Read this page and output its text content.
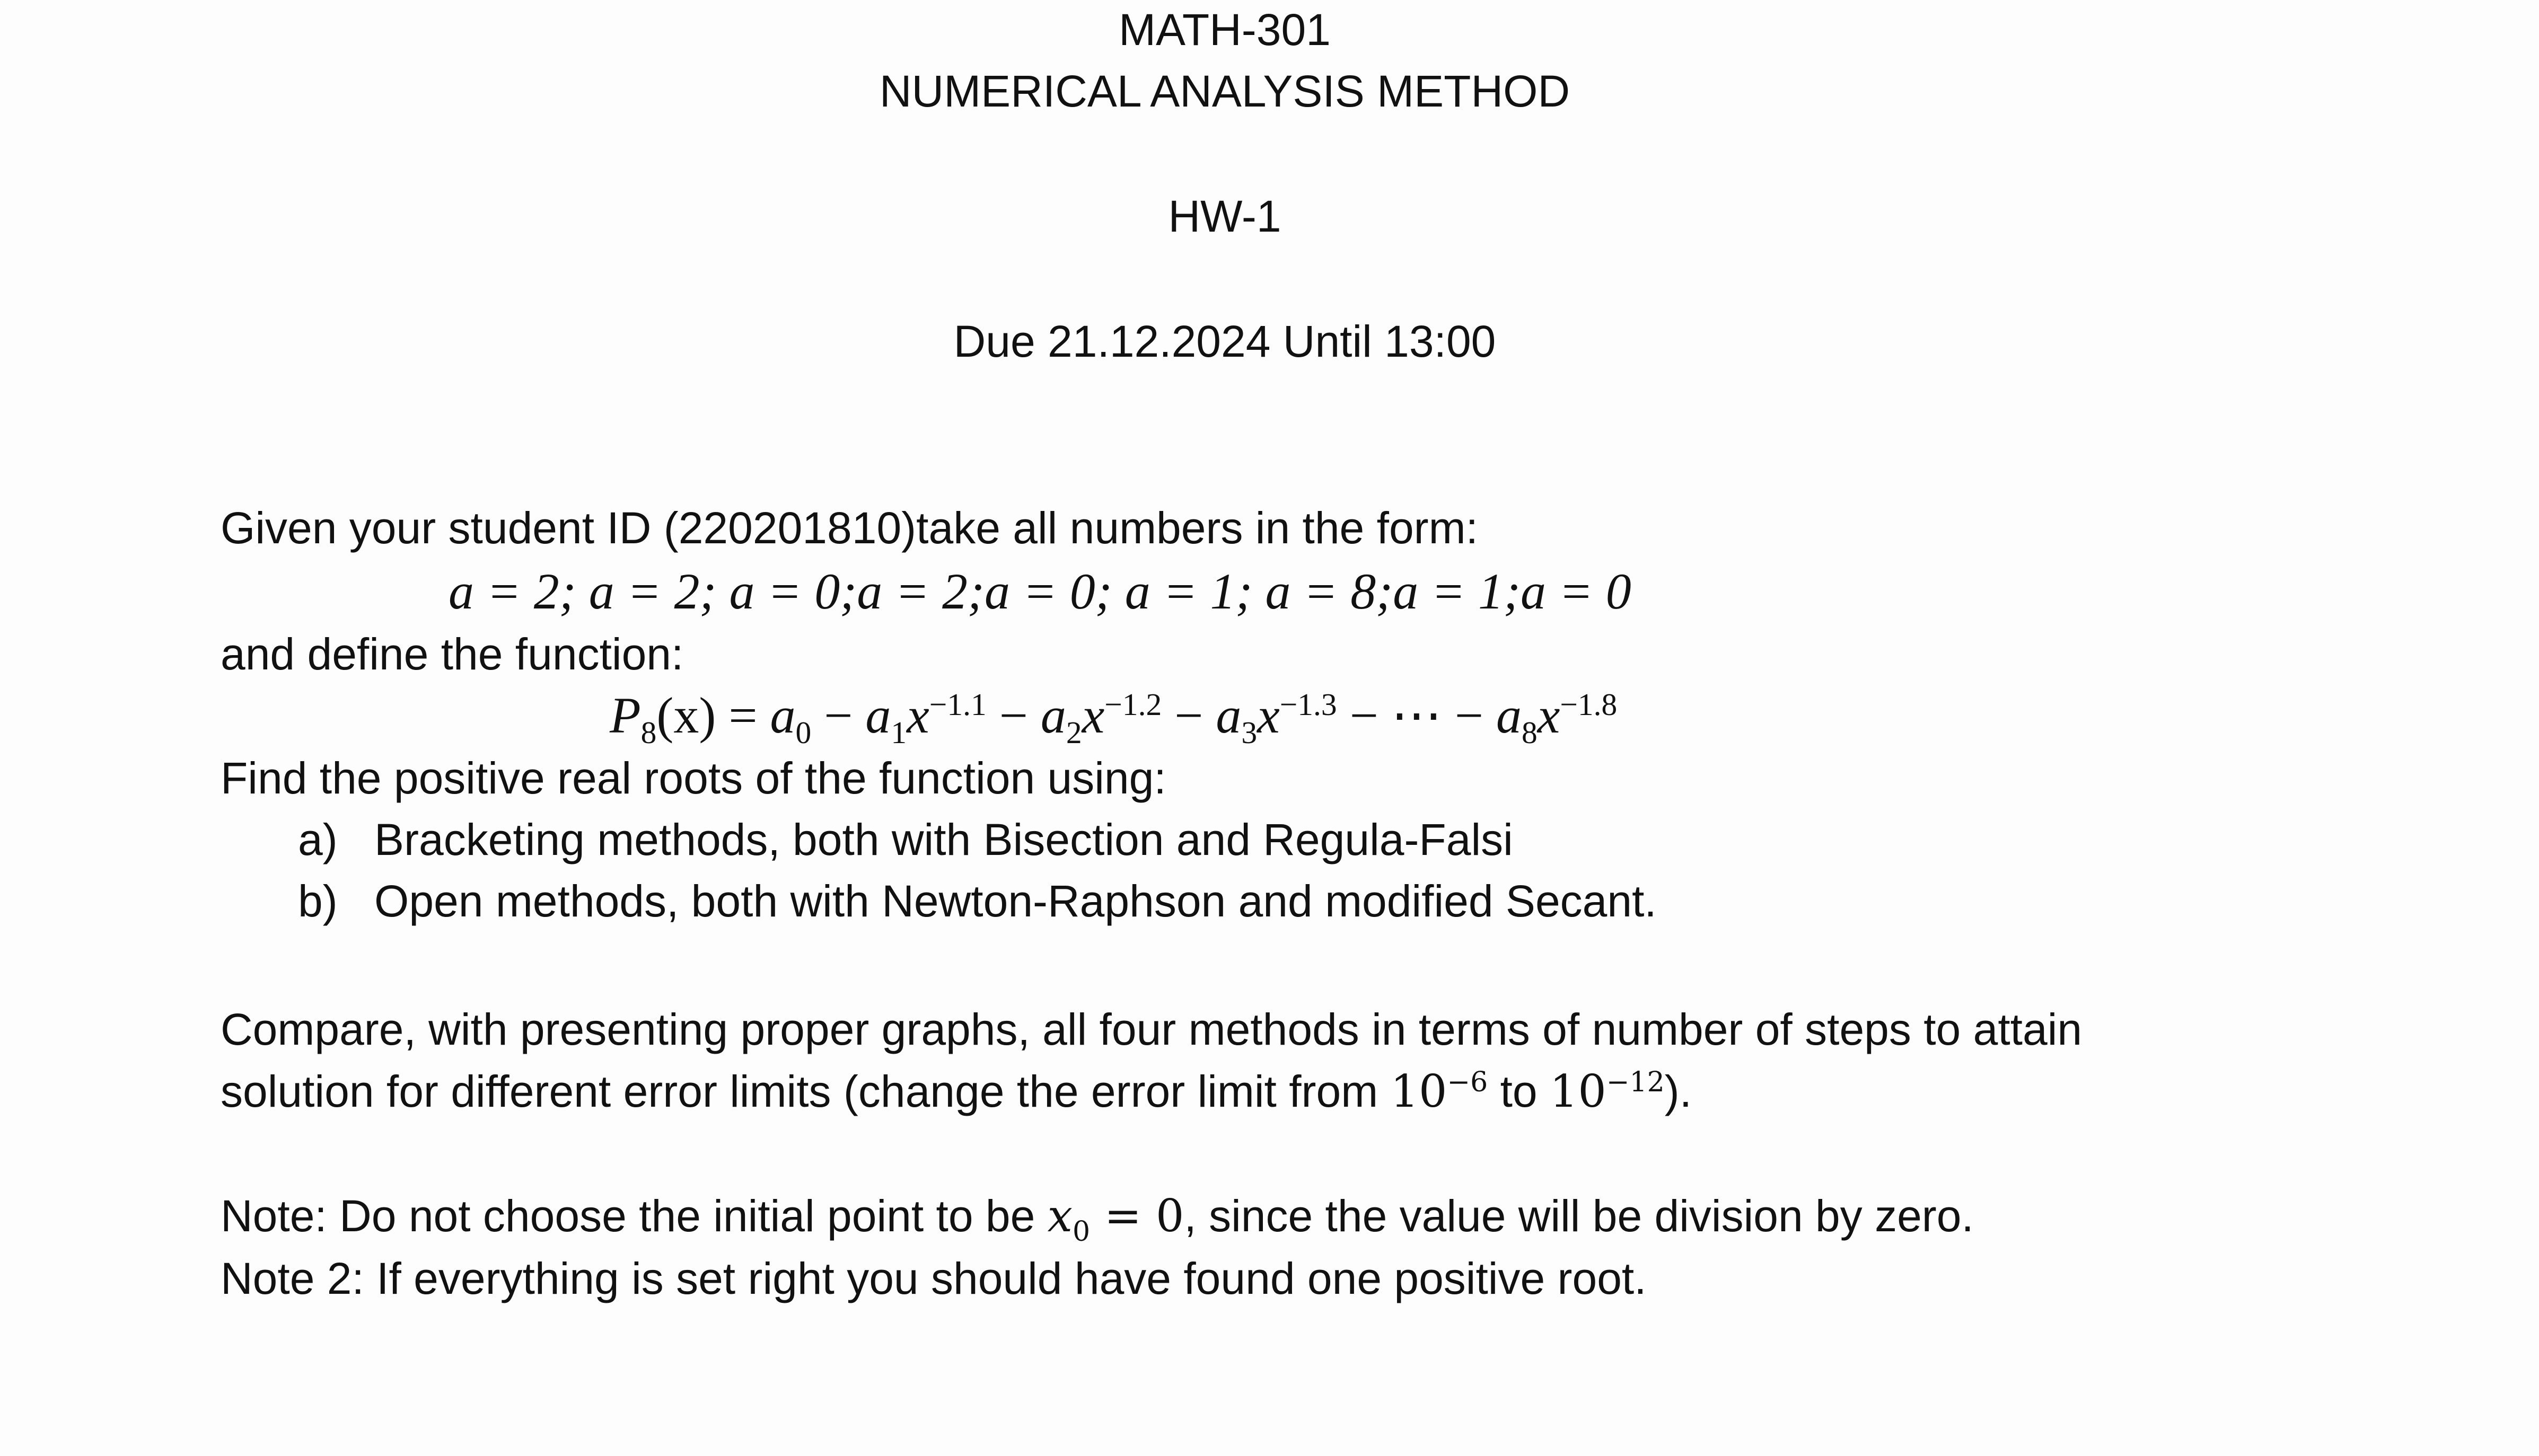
MATH-301
NUMERICAL ANALYSIS METHOD
HW-1
Due 21.12.2024 Until 13:00
Given your student ID (220201810)take all numbers in the form:
a = 2; a = 2; a = 0;a = 2;a = 0; a = 1; a = 8;a = 1;a = 0
and define the function:
$P_8(x) = a_0 - a_1x^{-1.1} - a_2x^{-1.2} - a_3x^{-1.3}$ − ⋯ − $a_8x^{-1.8}$
Find the positive real roots of the function using:
a) Bracketing methods, both with Bisection and Regula-Falsi
b) Open methods, both with Newton-Raphson and modified Secant.
Compare, with presenting proper graphs, all four methods in terms of number of steps to attain
solution for different error limits (change the error limit from $10^{-6}$ to $10^{-12}$).
Note: Do not choose the initial point to be $x_0 = 0$, since the value will be division by zero.
Note 2: If everything is set right you should have found one positive root.
